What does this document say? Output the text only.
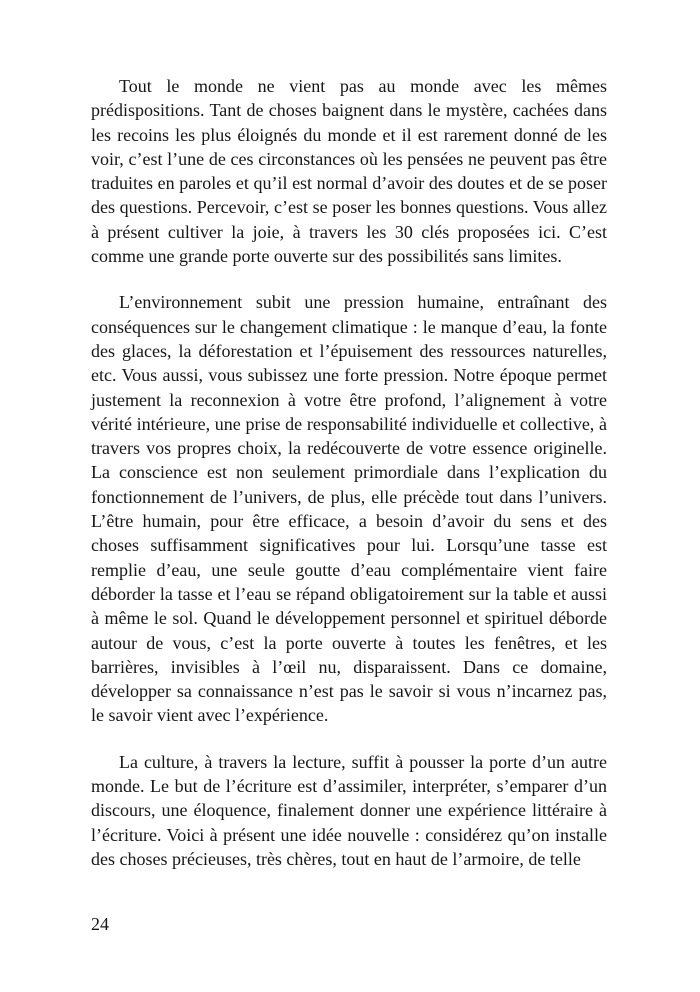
Tout le monde ne vient pas au monde avec les mêmes prédispositions. Tant de choses baignent dans le mystère, cachées dans les recoins les plus éloignés du monde et il est rarement donné de les voir, c’est l’une de ces circonstances où les pensées ne peuvent pas être traduites en paroles et qu’il est normal d’avoir des doutes et de se poser des questions. Percevoir, c’est se poser les bonnes questions. Vous allez à présent cultiver la joie, à travers les 30 clés proposées ici. C’est comme une grande porte ouverte sur des possibilités sans limites.

L’environnement subit une pression humaine, entraînant des conséquences sur le changement climatique : le manque d’eau, la fonte des glaces, la déforestation et l’épuisement des ressources naturelles, etc. Vous aussi, vous subissez une forte pression. Notre époque permet justement la reconnexion à votre être profond, l’alignement à votre vérité intérieure, une prise de responsabilité individuelle et collective, à travers vos propres choix, la redécouverte de votre essence originelle. La conscience est non seulement primordiale dans l’explication du fonctionnement de l’univers, de plus, elle précède tout dans l’univers. L’être humain, pour être efficace, a besoin d’avoir du sens et des choses suffisamment significatives pour lui. Lorsqu’une tasse est remplie d’eau, une seule goutte d’eau complémentaire vient faire déborder la tasse et l’eau se répand obligatoirement sur la table et aussi à même le sol. Quand le développement personnel et spirituel déborde autour de vous, c’est la porte ouverte à toutes les fenêtres, et les barrières, invisibles à l’œil nu, disparaissent. Dans ce domaine, développer sa connaissance n’est pas le savoir si vous n’incarnez pas, le savoir vient avec l’expérience.

La culture, à travers la lecture, suffit à pousser la porte d’un autre monde. Le but de l’écriture est d’assimiler, interpréter, s’emparer d’un discours, une éloquence, finalement donner une expérience littéraire à l’écriture. Voici à présent une idée nouvelle : considérez qu’on installe des choses précieuses, très chères, tout en haut de l’armoire, de telle

24
